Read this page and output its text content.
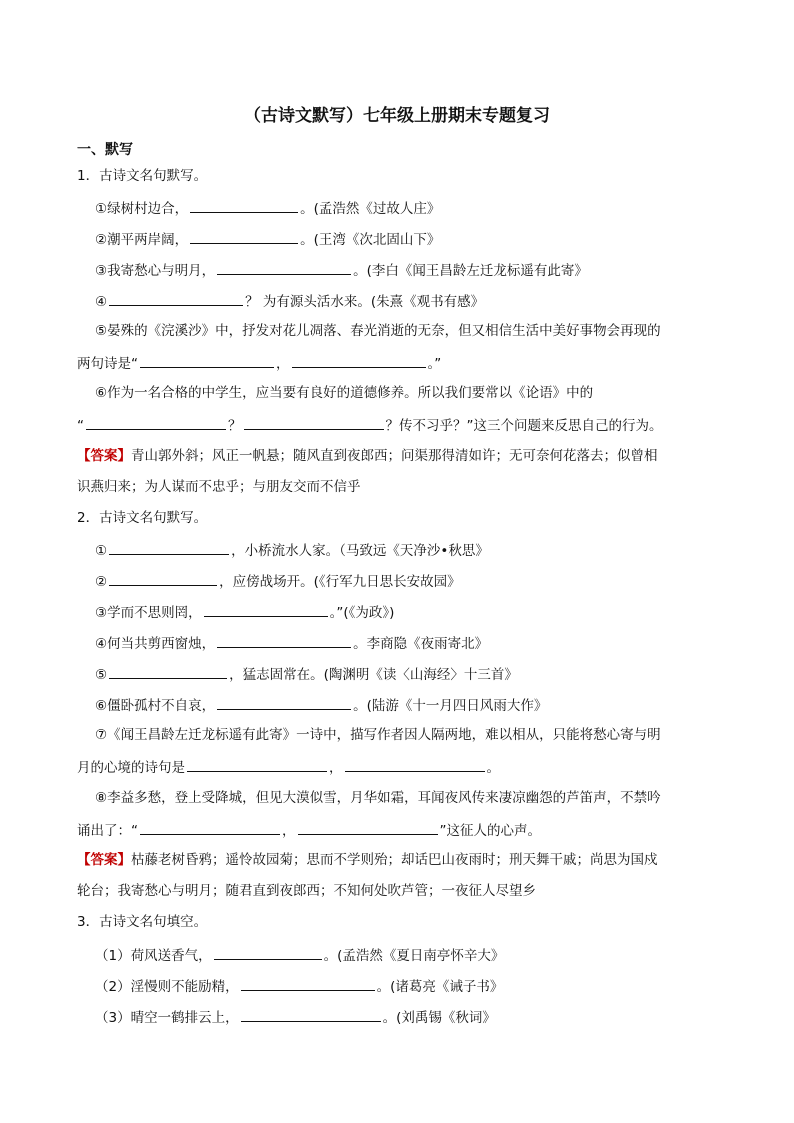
（古诗文默写）七年级上册期末专题复习
一、默写
1．古诗文名句默写。
①绿树村边合，	。(孟浩然《过故人庄》
②潮平两岸阔，	。(王湾《次北固山下》
③我寄愁心与明月，	。(李白《闻王昌龄左迁龙标遥有此寄》
④	？ 为有源头活水来。(朱熹《观书有感》
⑤晏殊的《浣溪沙》中，抒发对花儿凋落、春光消逝的无奈，但又相信生活中美好事物会再现的
两句诗是“	，	。”
⑥作为一名合格的中学生，应当要有良好的道德修养。所以我们要常以《论语》中的
“	？	？传不习乎？”这三个问题来反思自己的行为。
【答案】青山郭外斜；风正一帆悬；随风直到夜郎西；问渠那得清如许；无可奈何花落去；似曾相
识燕归来；为人谋而不忠乎；与朋友交而不信乎
2．古诗文名句默写。
①	，小桥流水人家。（马致远《天净沙•秋思》
②	，应傍战场开。(《行军九日思长安故园》
③学而不思则罔，	。”(《为政》)
④何当共剪西窗烛，	。李商隐《夜雨寄北》
⑤	，猛志固常在。(陶渊明《读〈山海经〉十三首》
⑥僵卧孤村不自哀，	。(陆游《十一月四日风雨大作》
⑦《闻王昌龄左迁龙标遥有此寄》一诗中，描写作者因人隔两地，难以相从，只能将愁心寄与明
月的心境的诗句是	，	。
⑧李益多愁，登上受降城，但见大漠似雪，月华如霜，耳闻夜风传来凄凉幽怨的芦笛声，不禁吟
诵出了：“	，	”这征人的心声。
【答案】枯藤老树昏鸦；遥怜故园菊；思而不学则殆；却话巴山夜雨时；刑天舞干戚；尚思为国戍
轮台；我寄愁心与明月；随君直到夜郎西；不知何处吹芦管；一夜征人尽望乡
3．古诗文名句填空。
（1）荷风送香气，	。(孟浩然《夏日南亭怀辛大》
（2）淫慢则不能励精，	。(诸葛亮《诫子书》
（3）晴空一鹤排云上，	。(刘禹锡《秋词》
